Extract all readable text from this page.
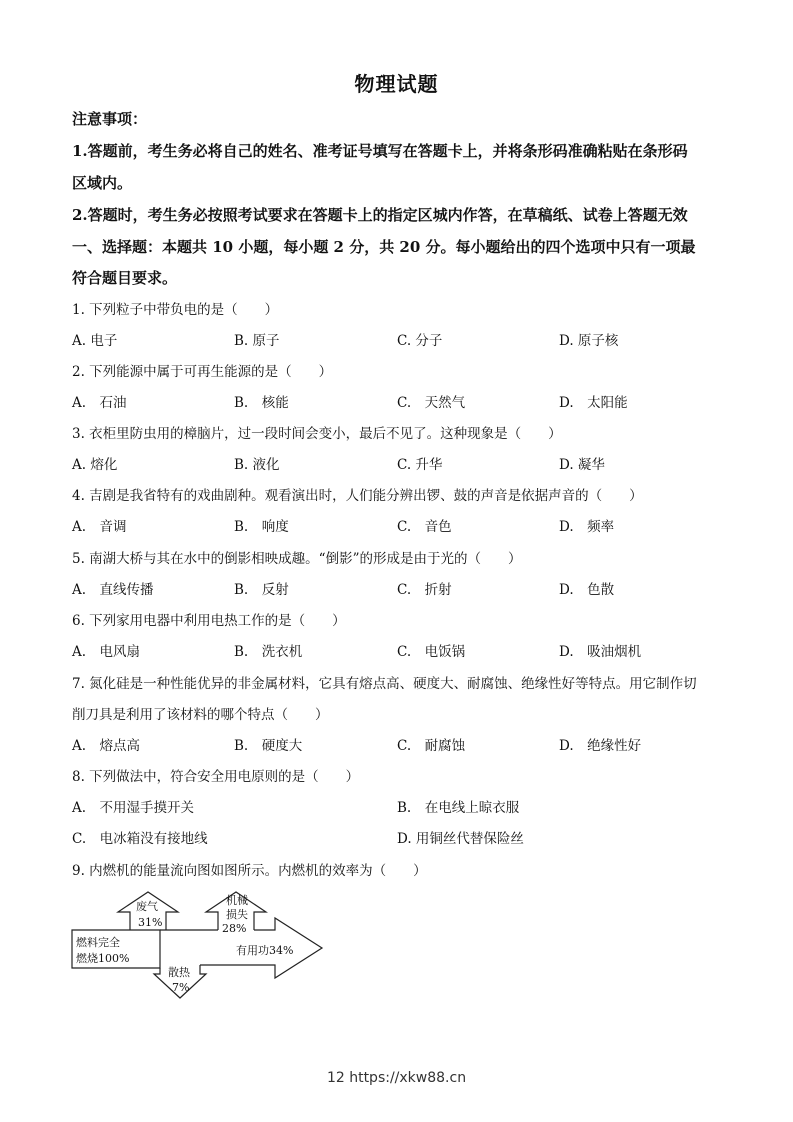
物理试题
注意事项：
1.答题前，考生务必将自己的姓名、准考证号填写在答题卡上，并将条形码准确粘贴在条形码
区域内。
2.答题时，考生务必按照考试要求在答题卡上的指定区城内作答，在草稿纸、试卷上答题无效
一、选择题：本题共 10 小题，每小题 2 分，共 20 分。每小题给出的四个选项中只有一项最
符合题目要求。
1. 下列粒子中带负电的是（　　）
A. 电子	B. 原子	C. 分子	D. 原子核
2. 下列能源中属于可再生能源的是（　　）
A.　石油	B.　核能	C.　天然气	D.　太阳能
3. 衣柜里防虫用的樟脑片，过一段时间会变小，最后不见了。这种现象是（　　）
A. 熔化	B. 液化	C. 升华	D. 凝华
4. 吉剧是我省特有的戏曲剧种。观看演出时，人们能分辨出锣、鼓的声音是依据声音的（　　）
A.　音调	B.　响度	C.　音色	D.　频率
5. 南湖大桥与其在水中的倒影相映成趣。“倒影”的形成是由于光的（　　）
A.　直线传播	B.　反射	C.　折射	D.　色散
6. 下列家用电器中利用电热工作的是（　　）
A.　电风扇	B.　洗衣机	C.　电饭锅	D.　吸油烟机
7. 氮化硅是一种性能优异的非金属材料，它具有熔点高、硬度大、耐腐蚀、绝缘性好等特点。用它制作切
削刀具是利用了该材料的哪个特点（　　）
A.　熔点高	B.　硬度大	C.　耐腐蚀	D.　绝缘性好
8. 下列做法中，符合安全用电原则的是（　　）
A.　不用湿手摸开关	B.　在电线上晾衣服
C.　电冰箱没有接地线	D. 用铜丝代替保险丝
9. 内燃机的能量流向图如图所示。内燃机的效率为（　　）
燃料完全
燃烧100%
废气
31%
机械
损失
28%
散热
7%
有用功34%
12 https://xkw88.cn
